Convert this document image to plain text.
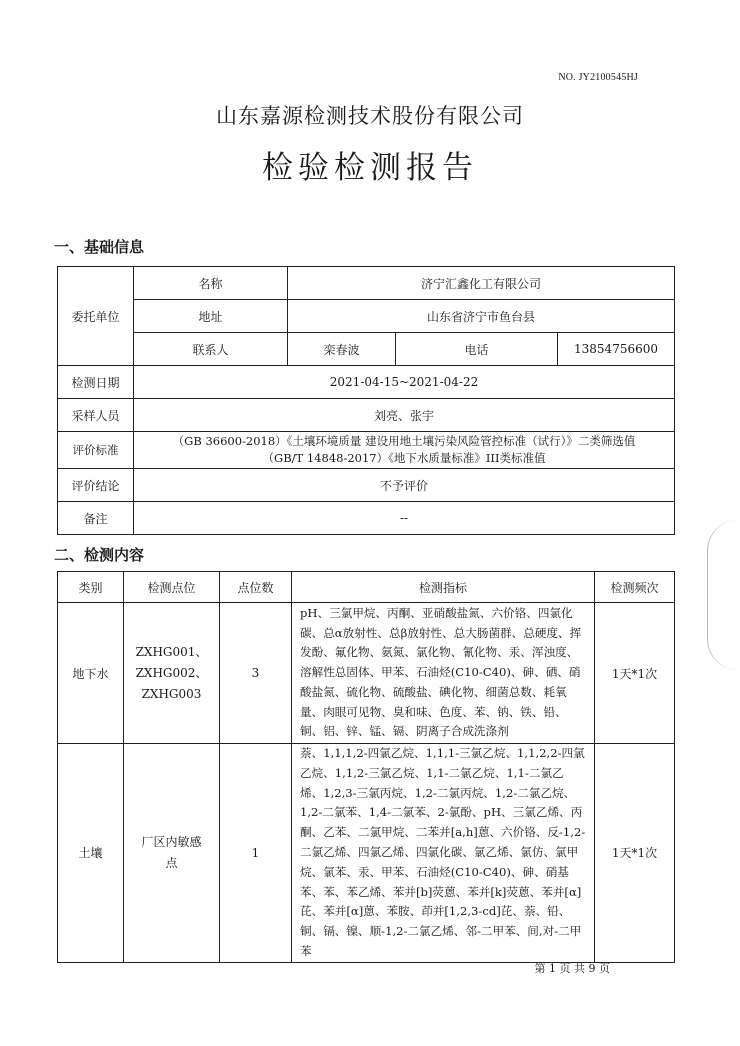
NO. JY2100545HJ
山东嘉源检测技术股份有限公司
检验检测报告
一、基础信息
委托单位	名称	济宁汇鑫化工有限公司		
	地址	山东省济宁市鱼台县		
	联系人	栾春波	电话	13854756600
检测日期	2021-04-15~2021-04-22			
采样人员	刘亮、张宇			
评价标准	（GB 36600-2018）《土壤环境质量 建设用地土壤污染风险管控标准（试行）》二类筛选值
（GB/T 14848-2017）《地下水质量标准》III类标准值			

评价结论	不予评价			
备注	--			
二、检测内容
类别	检测点位	点位数	检测指标	检测频次
地下水	ZXHG001、
ZXHG002、
ZXHG003	3	pH、三氯甲烷、丙酮、亚硝酸盐氮、六价铬、四氯化碳、总α放射性、总β放射性、总大肠菌群、总硬度、挥发酚、氟化物、氨氮、氯化物、氰化物、汞、浑浊度、溶解性总固体、甲苯、石油烃(C10-C40)、砷、硒、硝酸盐氮、硫化物、硫酸盐、碘化物、细菌总数、耗氧量、肉眼可见物、臭和味、色度、苯、钠、铁、铅、铜、铝、锌、锰、镉、阴离子合成洗涤剂	1天*1次
土壤	厂区内敏感
点	1	萘、1,1,1,2-四氯乙烷、1,1,1-三氯乙烷、1,1,2,2-四氯乙烷、1,1,2-三氯乙烷、1,1-二氯乙烷、1,1-二氯乙烯、1,2,3-三氯丙烷、1,2-二氯丙烷、1,2-二氯乙烷、1,2-二氯苯、1,4-二氯苯、2-氯酚、pH、三氯乙烯、丙酮、乙苯、二氯甲烷、二苯并[a,h]蒽、六价铬、反-1,2-二氯乙烯、四氯乙烯、四氯化碳、氯乙烯、氯仿、氯甲烷、氯苯、汞、甲苯、石油烃(C10-C40)、砷、硝基苯、苯、苯乙烯、苯并[b]荧蒽、苯并[k]荧蒽、苯并[α]芘、苯并[α]蒽、苯胺、茚并[1,2,3-cd]芘、萘、铅、铜、镉、镍、顺-1,2-二氯乙烯、邻-二甲苯、间,对-二甲苯	1天*1次
第 1 页 共 9 页
